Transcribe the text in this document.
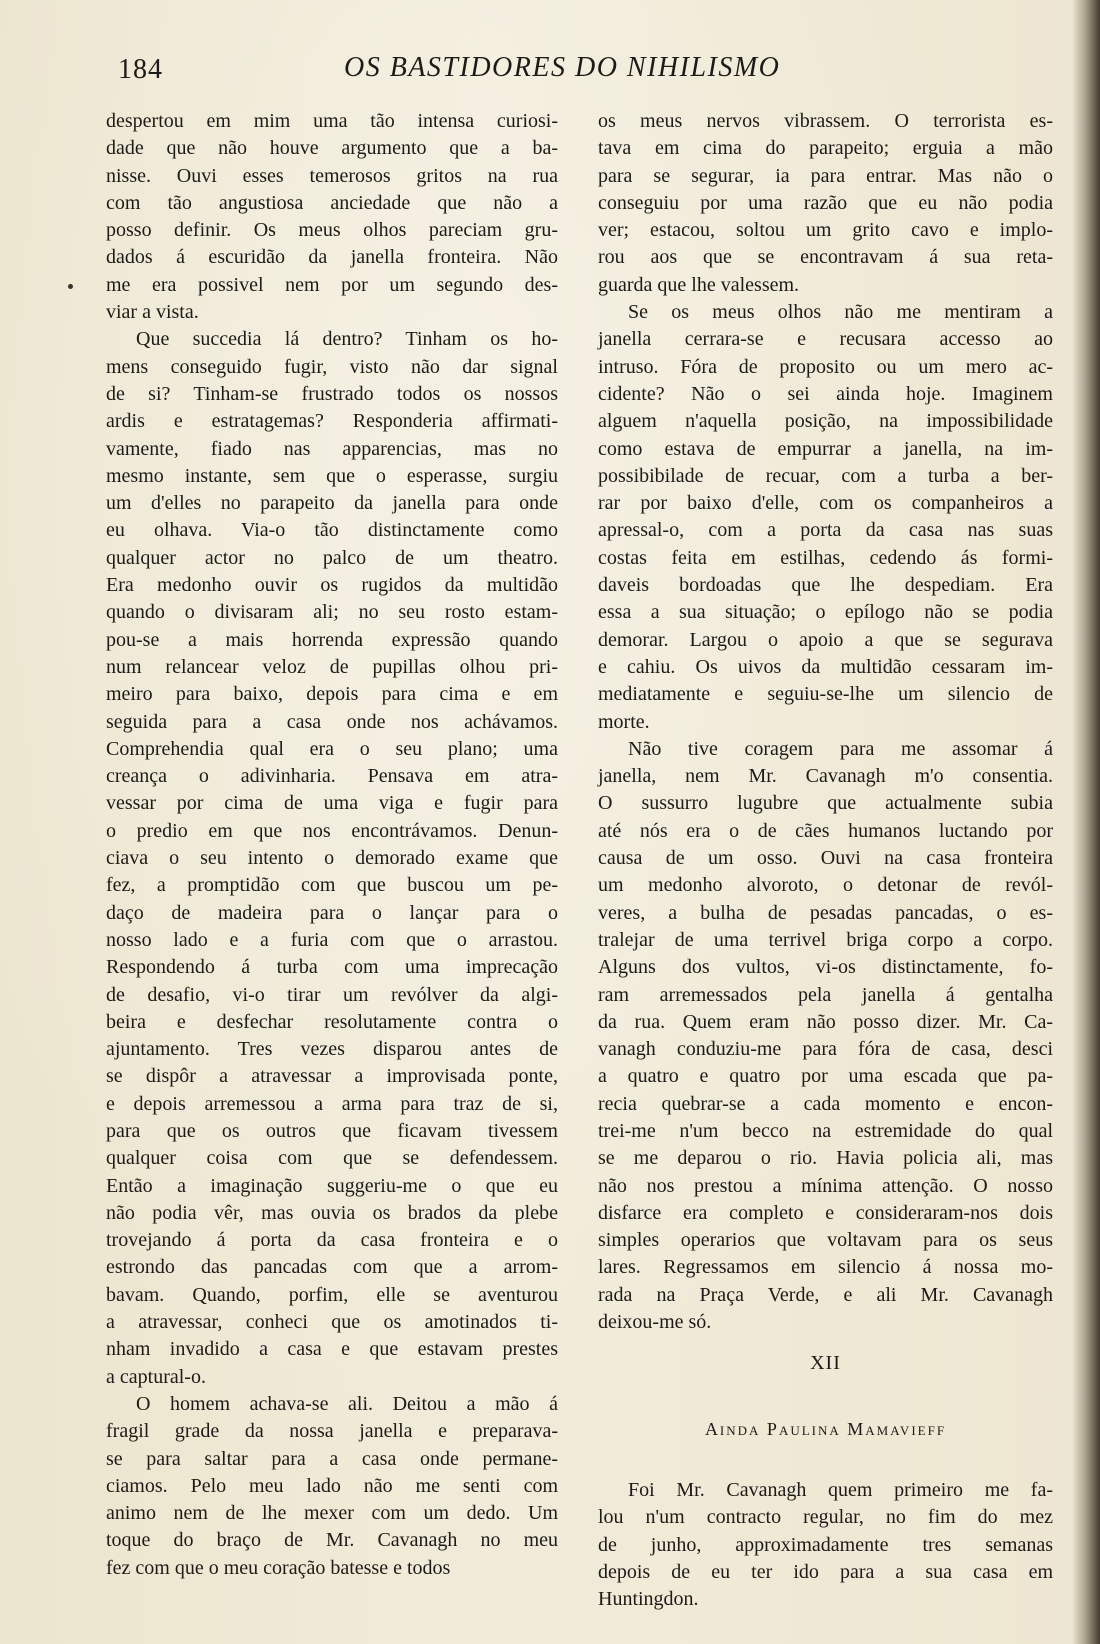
184	OS BASTIDORES DO NIHILISMO

despertou em mim uma tão intensa curiosi-

dade que não houve argumento que a ba-

nisse. Ouvi esses temerosos gritos na rua

com tão angustiosa anciedade que não a

posso definir. Os meus olhos pareciam gru-

dados á escuridão da janella fronteira. Não

me era possivel nem por um segundo des-

viar a vista.

Que succedia lá dentro? Tinham os ho-

mens conseguido fugir, visto não dar signal

de si? Tinham-se frustrado todos os nossos

ardis e estratagemas? Responderia affirmati-

vamente, fiado nas apparencias, mas no

mesmo instante, sem que o esperasse, surgiu

um d'elles no parapeito da janella para onde

eu olhava. Via-o tão distinctamente como

qualquer actor no palco de um theatro.

Era medonho ouvir os rugidos da multidão

quando o divisaram ali; no seu rosto estam-

pou-se a mais horrenda expressão quando

num relancear veloz de pupillas olhou pri-

meiro para baixo, depois para cima e em

seguida para a casa onde nos achávamos.

Comprehendia qual era o seu plano; uma

creança o adivinharia. Pensava em atra-

vessar por cima de uma viga e fugir para

o predio em que nos encontrávamos. Denun-

ciava o seu intento o demorado exame que

fez, a promptidão com que buscou um pe-

daço de madeira para o lançar para o

nosso lado e a furia com que o arrastou.

Respondendo á turba com uma imprecação

de desafio, vi-o tirar um revólver da algi-

beira e desfechar resolutamente contra o

ajuntamento. Tres vezes disparou antes de

se dispôr a atravessar a improvisada ponte,

e depois arremessou a arma para traz de si,

para que os outros que ficavam tivessem

qualquer coisa com que se defendessem.

Então a imaginação suggeriu-me o que eu

não podia vêr, mas ouvia os brados da plebe

trovejando á porta da casa fronteira e o

estrondo das pancadas com que a arrom-

bavam. Quando, porfim, elle se aventurou

a atravessar, conheci que os amotinados ti-

nham invadido a casa e que estavam prestes

a captural-o.

O homem achava-se ali. Deitou a mão á

fragil grade da nossa janella e preparava-

se para saltar para a casa onde permane-

ciamos. Pelo meu lado não me senti com

animo nem de lhe mexer com um dedo. Um

toque do braço de Mr. Cavanagh no meu

fez com que o meu coração batesse e todos

os meus nervos vibrassem. O terrorista es-

tava em cima do parapeito; erguia a mão

para se segurar, ia para entrar. Mas não o

conseguiu por uma razão que eu não podia

ver; estacou, soltou um grito cavo e implo-

rou aos que se encontravam á sua reta-

guarda que lhe valessem.

Se os meus olhos não me mentiram a

janella cerrara-se e recusara accesso ao

intruso. Fóra de proposito ou um mero ac-

cidente? Não o sei ainda hoje. Imaginem

alguem n'aquella posição, na impossibilidade

como estava de empurrar a janella, na im-

possibibilade de recuar, com a turba a ber-

rar por baixo d'elle, com os companheiros a

apressal-o, com a porta da casa nas suas

costas feita em estilhas, cedendo ás formi-

daveis bordoadas que lhe despediam. Era

essa a sua situação; o epílogo não se podia

demorar. Largou o apoio a que se segurava

e cahiu. Os uivos da multidão cessaram im-

mediatamente e seguiu-se-lhe um silencio de

morte.

Não tive coragem para me assomar á

janella, nem Mr. Cavanagh m'o consentia.

O sussurro lugubre que actualmente subia

até nós era o de cães humanos luctando por

causa de um osso. Ouvi na casa fronteira

um medonho alvoroto, o detonar de revól-

veres, a bulha de pesadas pancadas, o es-

tralejar de uma terrivel briga corpo a corpo.

Alguns dos vultos, vi-os distinctamente, fo-

ram arremessados pela janella á gentalha

da rua. Quem eram não posso dizer. Mr. Ca-

vanagh conduziu-me para fóra de casa, desci

a quatro e quatro por uma escada que pa-

recia quebrar-se a cada momento e encon-

trei-me n'um becco na estremidade do qual

se me deparou o rio. Havia policia ali, mas

não nos prestou a mínima attenção. O nosso

disfarce era completo e consideraram-nos dois

simples operarios que voltavam para os seus

lares. Regressamos em silencio á nossa mo-

rada na Praça Verde, e ali Mr. Cavanagh

deixou-me só.

XII
Ainda Paulina Mamavieff

Foi Mr. Cavanagh quem primeiro me fa-

lou n'um contracto regular, no fim do mez

de junho, approximadamente tres semanas

depois de eu ter ido para a sua casa em

Huntingdon.
